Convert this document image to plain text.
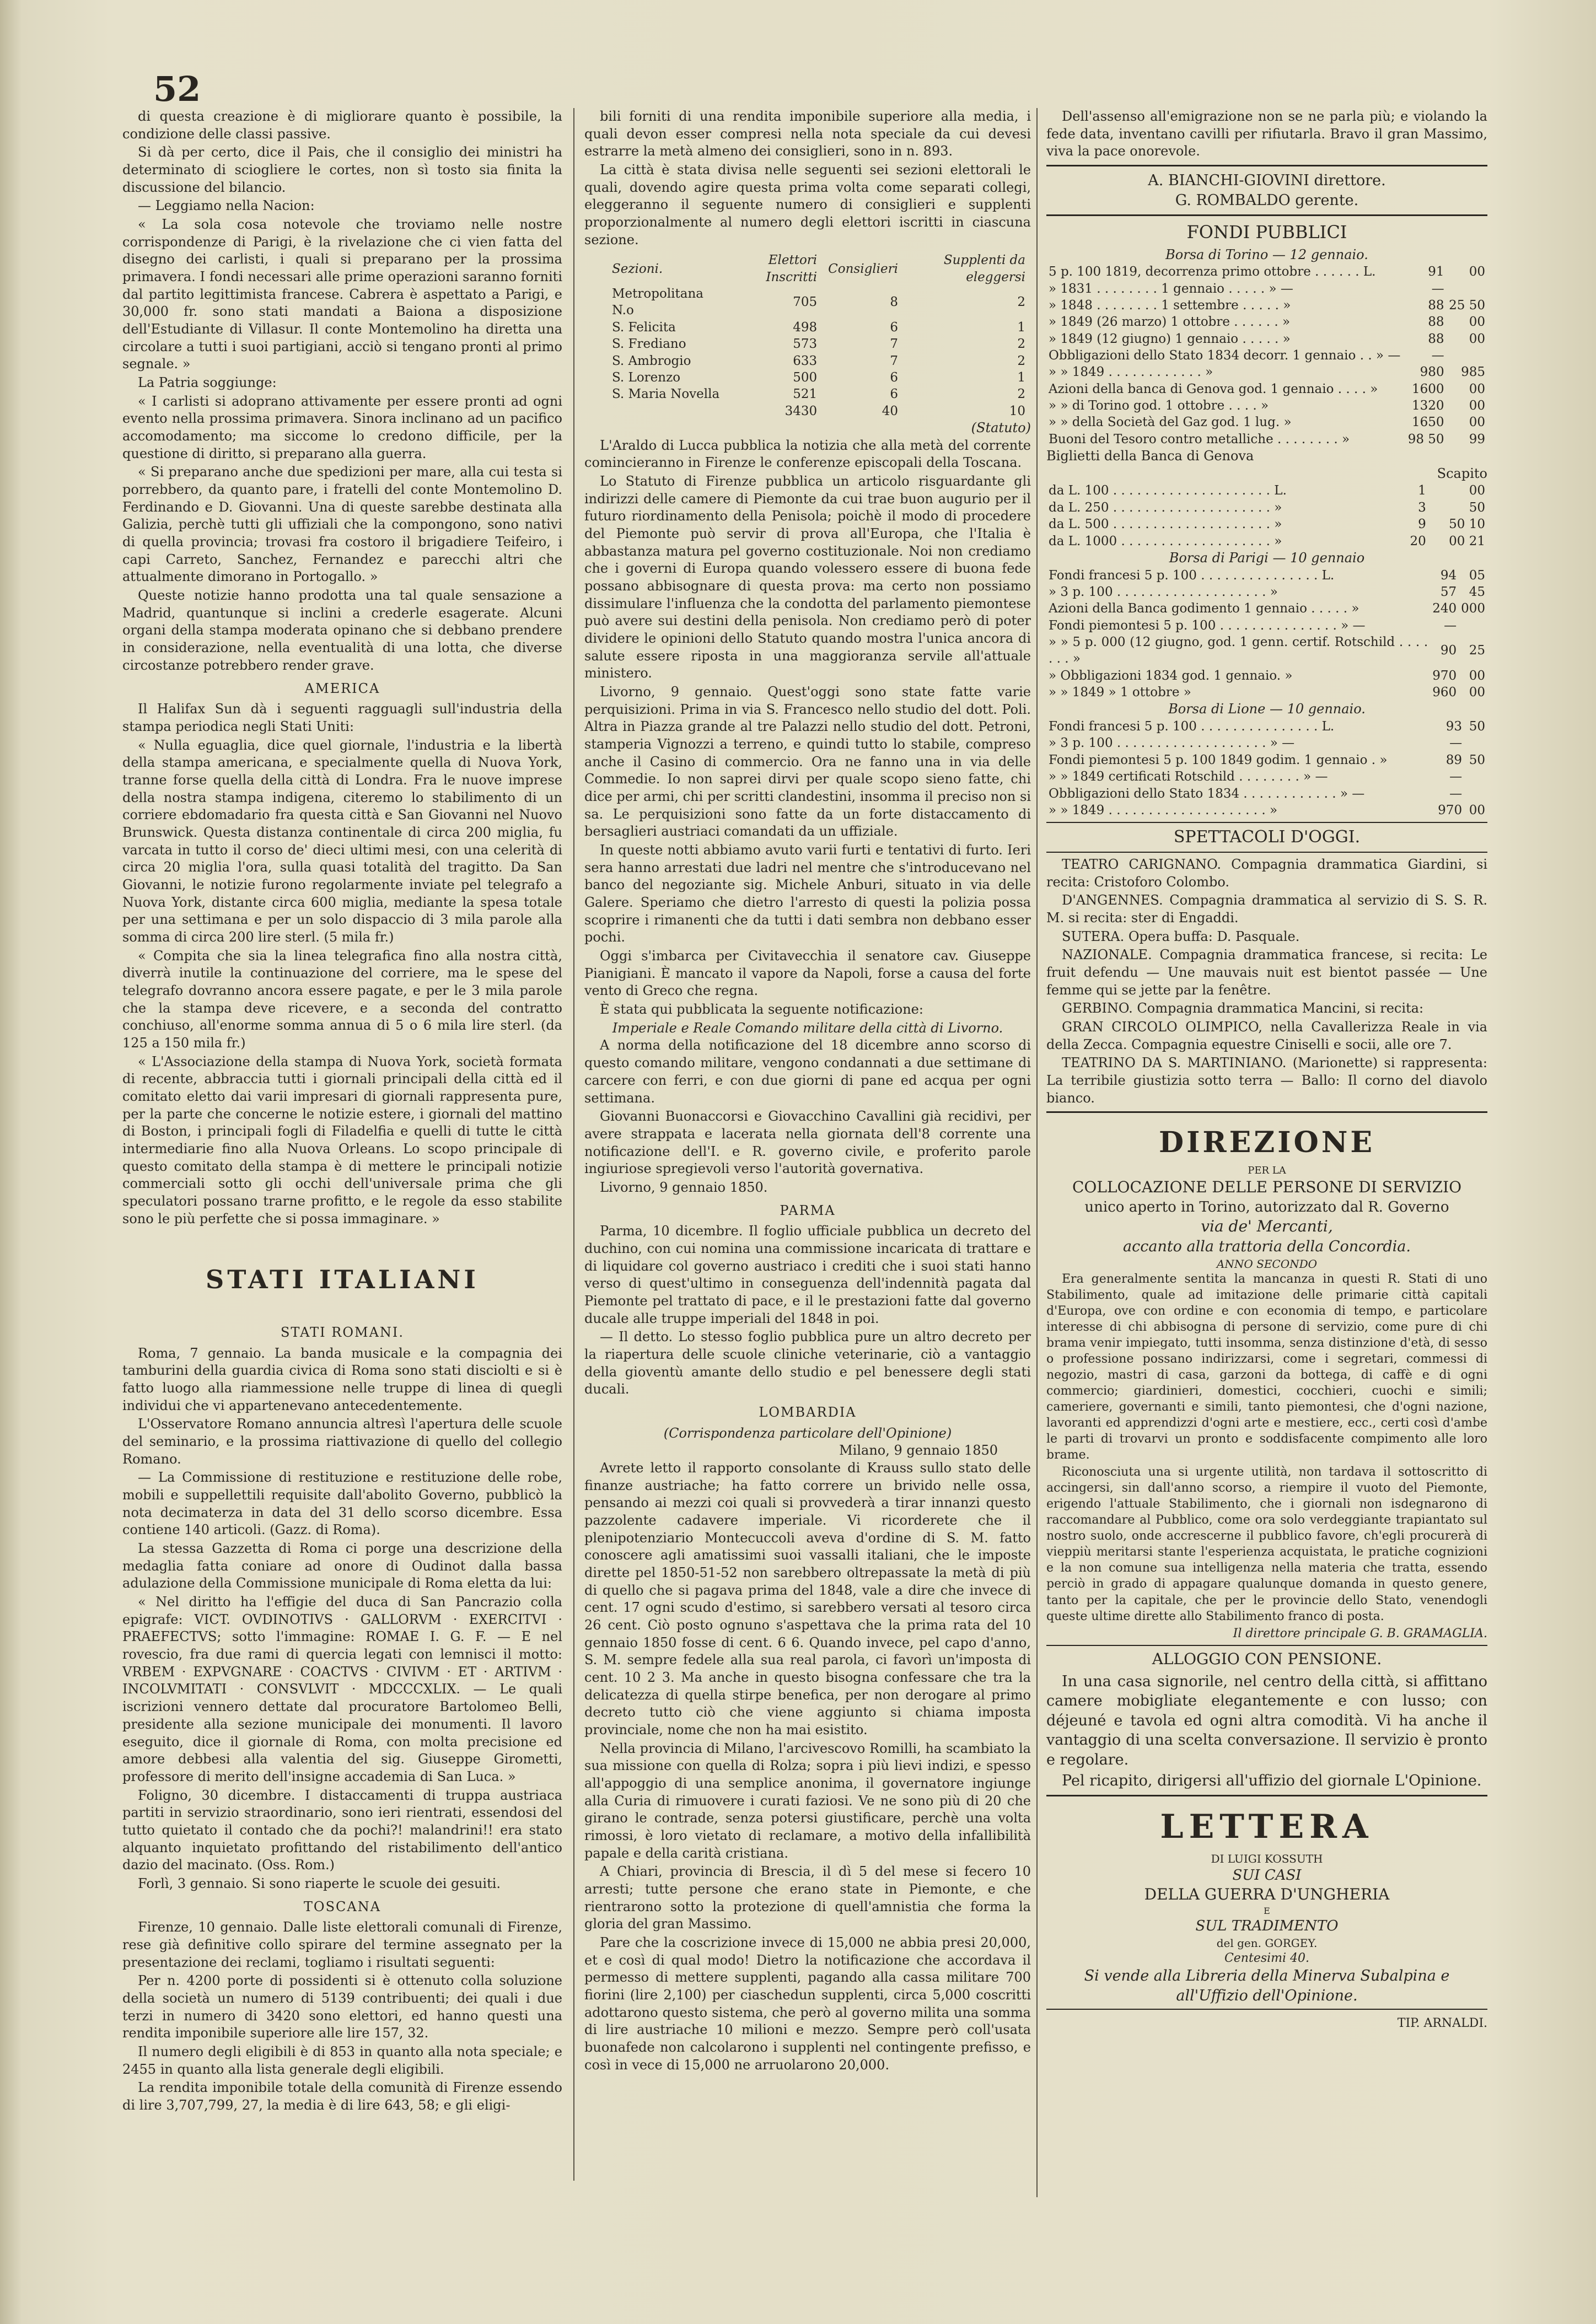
52
di questa creazione è di migliorare quanto è possibile, la condizione delle classi passive.
Si dà per certo, dice il Pais, che il consiglio dei ministri ha determinato di sciogliere le cortes, non sì tosto sia finita la discussione del bilancio.
— Leggiamo nella Nacion:
« La sola cosa notevole che troviamo nelle nostre corrispondenze di Parigi, è la rivelazione che ci vien fatta del disegno dei carlisti, i quali si preparano per la prossima primavera. I fondi necessari alle prime operazioni saranno forniti dal partito legittimista francese. Cabrera è aspettato a Parigi, e 30,000 fr. sono stati mandati a Baiona a disposizione dell'Estudiante di Villasur. Il conte Montemolino ha diretta una circolare a tutti i suoi partigiani, acciò si tengano pronti al primo segnale. »
La Patria soggiunge:
« I carlisti si adoprano attivamente per essere pronti ad ogni evento nella prossima primavera. Sinora inclinano ad un pacifico accomodamento; ma siccome lo credono difficile, per la questione di diritto, si preparano alla guerra.
« Si preparano anche due spedizioni per mare, alla cui testa si porrebbero, da quanto pare, i fratelli del conte Montemolino D. Ferdinando e D. Giovanni. Una di queste sarebbe destinata alla Galizia, perchè tutti gli uffiziali che la compongono, sono nativi di quella provincia; trovasi fra costoro il brigadiere Teifeiro, i capi Carreto, Sanchez, Fernandez e parecchi altri che attualmente dimorano in Portogallo. »
Queste notizie hanno prodotta una tal quale sensazione a Madrid, quantunque si inclini a crederle esagerate. Alcuni organi della stampa moderata opinano che si debbano prendere in considerazione, nella eventualità di una lotta, che diverse circostanze potrebbero render grave.
AMERICA
Il Halifax Sun dà i seguenti ragguagli sull'industria della stampa periodica negli Stati Uniti:
« Nulla eguaglia, dice quel giornale, l'industria e la libertà della stampa americana, e specialmente quella di Nuova York, tranne forse quella della città di Londra. Fra le nuove imprese della nostra stampa indigena, citeremo lo stabilimento di un corriere ebdomadario fra questa città e San Giovanni nel Nuovo Brunswick. Questa distanza continentale di circa 200 miglia, fu varcata in tutto il corso de' dieci ultimi mesi, con una celerità di circa 20 miglia l'ora, sulla quasi totalità del tragitto. Da San Giovanni, le notizie furono regolarmente inviate pel telegrafo a Nuova York, distante circa 600 miglia, mediante la spesa totale per una settimana e per un solo dispaccio di 3 mila parole alla somma di circa 200 lire sterl. (5 mila fr.)
« Compita che sia la linea telegrafica fino alla nostra città, diverrà inutile la continuazione del corriere, ma le spese del telegrafo dovranno ancora essere pagate, e per le 3 mila parole che la stampa deve ricevere, e a seconda del contratto conchiuso, all'enorme somma annua di 5 o 6 mila lire sterl. (da 125 a 150 mila fr.)
« L'Associazione della stampa di Nuova York, società formata di recente, abbraccia tutti i giornali principali della città ed il comitato eletto dai varii impresari di giornali rappresenta pure, per la parte che concerne le notizie estere, i giornali del mattino di Boston, i principali fogli di Filadelfia e quelli di tutte le città intermediarie fino alla Nuova Orleans. Lo scopo principale di questo comitato della stampa è di mettere le principali notizie commerciali sotto gli occhi dell'universale prima che gli speculatori possano trarne profitto, e le regole da esso stabilite sono le più perfette che si possa immaginare. »
STATI ITALIANI
STATI ROMANI.
Roma, 7 gennaio. La banda musicale e la compagnia dei tamburini della guardia civica di Roma sono stati disciolti e si è fatto luogo alla riammessione nelle truppe di linea di quegli individui che vi appartenevano antecedentemente.
L'Osservatore Romano annuncia altresì l'apertura delle scuole del seminario, e la prossima riattivazione di quello del collegio Romano.
— La Commissione di restituzione e restituzione delle robe, mobili e suppellettili requisite dall'abolito Governo, pubblicò la nota decimaterza in data del 31 dello scorso dicembre. Essa contiene 140 articoli. (Gazz. di Roma).
La stessa Gazzetta di Roma ci porge una descrizione della medaglia fatta coniare ad onore di Oudinot dalla bassa adulazione della Commissione municipale di Roma eletta da lui:
« Nel diritto ha l'effigie del duca di San Pancrazio colla epigrafe: VICT. OVDINOTIVS · GALLORVM · EXERCITVI · PRAEFECTVS; sotto l'immagine: ROMAE I. G. F. — E nel rovescio, fra due rami di quercia legati con lemnisci il motto: VRBEM · EXPVGNARE · COACTVS · CIVIVM · ET · ARTIVM · INCOLVMITATI · CONSVLVIT · MDCCCXLIX. — Le quali iscrizioni vennero dettate dal procuratore Bartolomeo Belli, presidente alla sezione municipale dei monumenti. Il lavoro eseguito, dice il giornale di Roma, con molta precisione ed amore debbesi alla valentia del sig. Giuseppe Girometti, professore di merito dell'insigne accademia di San Luca. »
Foligno, 30 dicembre. I distaccamenti di truppa austriaca partiti in servizio straordinario, sono ieri rientrati, essendosi del tutto quietato il contado che da pochi?! malandrini!! era stato alquanto inquietato profittando del ristabilimento dell'antico dazio del macinato. (Oss. Rom.)
Forlì, 3 gennaio. Si sono riaperte le scuole dei gesuiti.
TOSCANA
Firenze, 10 gennaio. Dalle liste elettorali comunali di Firenze, rese già definitive collo spirare del termine assegnato per la presentazione dei reclami, togliamo i risultati seguenti:
Per n. 4200 porte di possidenti si è ottenuto colla soluzione della società un numero di 5139 contribuenti; dei quali i due terzi in numero di 3420 sono elettori, ed hanno questi una rendita imponibile superiore alle lire 157, 32.
Il numero degli eligibili è di 853 in quanto alla nota speciale; e 2455 in quanto alla lista generale degli eligibili.
La rendita imponibile totale della comunità di Firenze essendo di lire 3,707,799, 27, la media è di lire 643, 58; e gli eligi-
bili forniti di una rendita imponibile superiore alla media, i quali devon esser compresi nella nota speciale da cui devesi estrarre la metà almeno dei consiglieri, sono in n. 893.
La città è stata divisa nelle seguenti sei sezioni elettorali le quali, dovendo agire questa prima volta come separati collegi, eleggeranno il seguente numero di consiglieri e supplenti proporzionalmente al numero degli elettori iscritti in ciascuna sezione.
Sezioni.	Elettori Inscritti	Consiglieri	Supplenti da eleggersi
Metropolitana N.o	705	8	2
S. Felicita	498	6	1
S. Frediano	573	7	2
S. Ambrogio	633	7	2
S. Lorenzo	500	6	1
S. Maria Novella	521	6	2
	3430	40	10
(Statuto)
L'Araldo di Lucca pubblica la notizia che alla metà del corrente comincieranno in Firenze le conferenze episcopali della Toscana.
Lo Statuto di Firenze pubblica un articolo risguardante gli indirizzi delle camere di Piemonte da cui trae buon augurio per il futuro riordinamento della Penisola; poichè il modo di procedere del Piemonte può servir di prova all'Europa, che l'Italia è abbastanza matura pel governo costituzionale. Noi non crediamo che i governi di Europa quando volessero essere di buona fede possano abbisognare di questa prova: ma certo non possiamo dissimulare l'influenza che la condotta del parlamento piemontese può avere sui destini della penisola. Non crediamo però di poter dividere le opinioni dello Statuto quando mostra l'unica ancora di salute essere riposta in una maggioranza servile all'attuale ministero.
Livorno, 9 gennaio. Quest'oggi sono state fatte varie perquisizioni. Prima in via S. Francesco nello studio del dott. Poli. Altra in Piazza grande al tre Palazzi nello studio del dott. Petroni, stamperia Vignozzi a terreno, e quindi tutto lo stabile, compreso anche il Casino di commercio. Ora ne fanno una in via delle Commedie. Io non saprei dirvi per quale scopo sieno fatte, chi dice per armi, chi per scritti clandestini, insomma il preciso non si sa. Le perquisizioni sono fatte da un forte distaccamento di bersaglieri austriaci comandati da un uffiziale.
In queste notti abbiamo avuto varii furti e tentativi di furto. Ieri sera hanno arrestati due ladri nel mentre che s'introducevano nel banco del negoziante sig. Michele Anburi, situato in via delle Galere. Speriamo che dietro l'arresto di questi la polizia possa scoprire i rimanenti che da tutti i dati sembra non debbano esser pochi.
Oggi s'imbarca per Civitavecchia il senatore cav. Giuseppe Pianigiani. È mancato il vapore da Napoli, forse a causa del forte vento di Greco che regna.
È stata qui pubblicata la seguente notificazione:
Imperiale e Reale Comando militare della città di Livorno.
A norma della notificazione del 18 dicembre anno scorso di questo comando militare, vengono condannati a due settimane di carcere con ferri, e con due giorni di pane ed acqua per ogni settimana.
Giovanni Buonaccorsi e Giovacchino Cavallini già recidivi, per avere strappata e lacerata nella giornata dell'8 corrente una notificazione dell'I. e R. governo civile, e proferito parole ingiuriose spregievoli verso l'autorità governativa.
Livorno, 9 gennaio 1850.
PARMA
Parma, 10 dicembre. Il foglio ufficiale pubblica un decreto del duchino, con cui nomina una commissione incaricata di trattare e di liquidare col governo austriaco i crediti che i suoi stati hanno verso di quest'ultimo in conseguenza dell'indennità pagata dal Piemonte pel trattato di pace, e il le prestazioni fatte dal governo ducale alle truppe imperiali del 1848 in poi.
— Il detto. Lo stesso foglio pubblica pure un altro decreto per la riapertura delle scuole cliniche veterinarie, ciò a vantaggio della gioventù amante dello studio e pel benessere degli stati ducali.
LOMBARDIA
(Corrispondenza particolare dell'Opinione)
Milano, 9 gennaio 1850
Avrete letto il rapporto consolante di Krauss sullo stato delle finanze austriache; ha fatto correre un brivido nelle ossa, pensando ai mezzi coi quali si provvederà a tirar innanzi questo pazzolente cadavere imperiale. Vi ricorderete che il plenipotenziario Montecuccoli aveva d'ordine di S. M. fatto conoscere agli amatissimi suoi vassalli italiani, che le imposte dirette pel 1850-51-52 non sarebbero oltrepassate la metà di più di quello che si pagava prima del 1848, vale a dire che invece di cent. 17 ogni scudo d'estimo, si sarebbero versati al tesoro circa 26 cent. Ciò posto ognuno s'aspettava che la prima rata del 10 gennaio 1850 fosse di cent. 6 6. Quando invece, pel capo d'anno, S. M. sempre fedele alla sua real parola, ci favorì un'imposta di cent. 10 2 3. Ma anche in questo bisogna confessare che tra la delicatezza di quella stirpe benefica, per non derogare al primo decreto tutto ciò che viene aggiunto si chiama imposta provinciale, nome che non ha mai esistito.
Nella provincia di Milano, l'arcivescovo Romilli, ha scambiato la sua missione con quella di Rolza; sopra i più lievi indizi, e spesso all'appoggio di una semplice anonima, il governatore ingiunge alla Curia di rimuovere i curati faziosi. Ve ne sono più di 20 che girano le contrade, senza potersi giustificare, perchè una volta rimossi, è loro vietato di reclamare, a motivo della infallibilità papale e della carità cristiana.
A Chiari, provincia di Brescia, il dì 5 del mese si fecero 10 arresti; tutte persone che erano state in Piemonte, e che rientrarono sotto la protezione di quell'amnistia che forma la gloria del gran Massimo.
Pare che la coscrizione invece di 15,000 ne abbia presi 20,000, et e così di qual modo! Dietro la notificazione che accordava il permesso di mettere supplenti, pagando alla cassa militare 700 fiorini (lire 2,100) per ciaschedun supplenti, circa 5,000 coscritti adottarono questo sistema, che però al governo milita una somma di lire austriache 10 milioni e mezzo. Sempre però coll'usata buonafede non calcolarono i supplenti nel contingente prefisso, e così in vece di 15,000 ne arruolarono 20,000.
Dell'assenso all'emigrazione non se ne parla più; e violando la fede data, inventano cavilli per rifiutarla. Bravo il gran Massimo, viva la pace onorevole.
A. BIANCHI-GIOVINI direttore.
G. ROMBALDO gerente.
FONDI PUBBLICI
Borsa di Torino — 12 gennaio.
5 p. 100 1819, decorrenza primo ottobre . . . . . . L.	91	00
» 1831 . . . . . . . . 1 gennaio . . . . . » —	—	
» 1848 . . . . . . . . 1 settembre . . . . . »	88	25 50
» 1849 (26 marzo) 1 ottobre . . . . . . »	88	00
» 1849 (12 giugno) 1 gennaio . . . . . »	88	00
Obbligazioni dello Stato 1834 decorr. 1 gennaio . . » —	—	
» » 1849 . . . . . . . . . . . . »	980	985
Azioni della banca di Genova god. 1 gennaio . . . . »	1600	00
» » di Torino god. 1 ottobre . . . . »	1320	00
» » della Società del Gaz god. 1 lug. »	1650	00
Buoni del Tesoro contro metalliche . . . . . . . . »	98 50	99
Biglietti della Banca di Genova
Scapito
da L. 100 . . . . . . . . . . . . . . . . . . . . L.	1	00
da L. 250 . . . . . . . . . . . . . . . . . . . . »	3	50
da L. 500 . . . . . . . . . . . . . . . . . . . . »	9	50 10
da L. 1000 . . . . . . . . . . . . . . . . . . . »	20	00 21
Borsa di Parigi — 10 gennaio
Fondi francesi 5 p. 100 . . . . . . . . . . . . . . . L.	94	05
» 3 p. 100 . . . . . . . . . . . . . . . . . . . »	57	45
Azioni della Banca godimento 1 gennaio . . . . . »	240	000
Fondi piemontesi 5 p. 100 . . . . . . . . . . . . . . . » —	—	
» » 5 p. 000 (12 giugno, god. 1 genn. certif. Rotschild . . . . . . . »	90	25
» Obbligazioni 1834 god. 1 gennaio. »	970	00
» » 1849 » 1 ottobre »	960	00
Borsa di Lione — 10 gennaio.
Fondi francesi 5 p. 100 . . . . . . . . . . . . . . . L.	93	50
» 3 p. 100 . . . . . . . . . . . . . . . . . . . » —	—	
Fondi piemontesi 5 p. 100 1849 godim. 1 gennaio . »	89	50
» » 1849 certificati Rotschild . . . . . . . . » —	—	
Obbligazioni dello Stato 1834 . . . . . . . . . . . . » —	—	
» » 1849 . . . . . . . . . . . . . . . . . . . . »	970	00
SPETTACOLI D'OGGI.
TEATRO CARIGNANO. Compagnia drammatica Giardini, si recita: Cristoforo Colombo.
D'ANGENNES. Compagnia drammatica al servizio di S. S. R. M. si recita: ster di Engaddi.
SUTERA. Opera buffa: D. Pasquale.
NAZIONALE. Compagnia drammatica francese, si recita: Le fruit defendu — Une mauvais nuit est bientot passée — Une femme qui se jette par la fenêtre.
GERBINO. Compagnia drammatica Mancini, si recita:
GRAN CIRCOLO OLIMPICO, nella Cavallerizza Reale in via della Zecca. Compagnia equestre Ciniselli e socii, alle ore 7.
TEATRINO DA S. MARTINIANO. (Marionette) si rappresenta: La terribile giustizia sotto terra — Ballo: Il corno del diavolo bianco.
DIREZIONE
PER LA
COLLOCAZIONE DELLE PERSONE DI SERVIZIO
unico aperto in Torino, autorizzato dal R. Governo
via de' Mercanti,
accanto alla trattoria della Concordia.
ANNO SECONDO
Era generalmente sentita la mancanza in questi R. Stati di uno Stabilimento, quale ad imitazione delle primarie città capitali d'Europa, ove con ordine e con economia di tempo, e particolare interesse di chi abbisogna di persone di servizio, come pure di chi brama venir impiegato, tutti insomma, senza distinzione d'età, di sesso o professione possano indirizzarsi, come i segretari, commessi di negozio, mastri di casa, garzoni da bottega, di caffè e di ogni commercio; giardinieri, domestici, cocchieri, cuochi e simili; cameriere, governanti e simili, tanto piemontesi, che d'ogni nazione, lavoranti ed apprendizzi d'ogni arte e mestiere, ecc., certi così d'ambe le parti di trovarvi un pronto e soddisfacente compimento alle loro brame.
Riconosciuta una si urgente utilità, non tardava il sottoscritto di accingersi, sin dall'anno scorso, a riempire il vuoto del Piemonte, erigendo l'attuale Stabilimento, che i giornali non isdegnarono di raccomandare al Pubblico, come ora solo verdeggiante trapiantato sul nostro suolo, onde accrescerne il pubblico favore, ch'egli procurerà di vieppiù meritarsi stante l'esperienza acquistata, le pratiche cognizioni e la non comune sua intelligenza nella materia che tratta, essendo perciò in grado di appagare qualunque domanda in questo genere, tanto per la capitale, che per le provincie dello Stato, venendogli queste ultime dirette allo Stabilimento franco di posta.
Il direttore principale G. B. GRAMAGLIA.
ALLOGGIO CON PENSIONE.
In una casa signorile, nel centro della città, si affittano camere mobigliate elegantemente e con lusso; con déjeuné e tavola ed ogni altra comodità. Vi ha anche il vantaggio di una scelta conversazione. Il servizio è pronto e regolare.
Pel ricapito, dirigersi all'uffizio del giornale L'Opinione.
LETTERA
DI LUIGI KOSSUTH
SUI CASI
DELLA GUERRA D'UNGHERIA
E
SUL TRADIMENTO
del gen. GORGEY.
Centesimi 40.
Si vende alla Libreria della Minerva Subalpina e all'Uffizio dell'Opinione.
TIP. ARNALDI.
